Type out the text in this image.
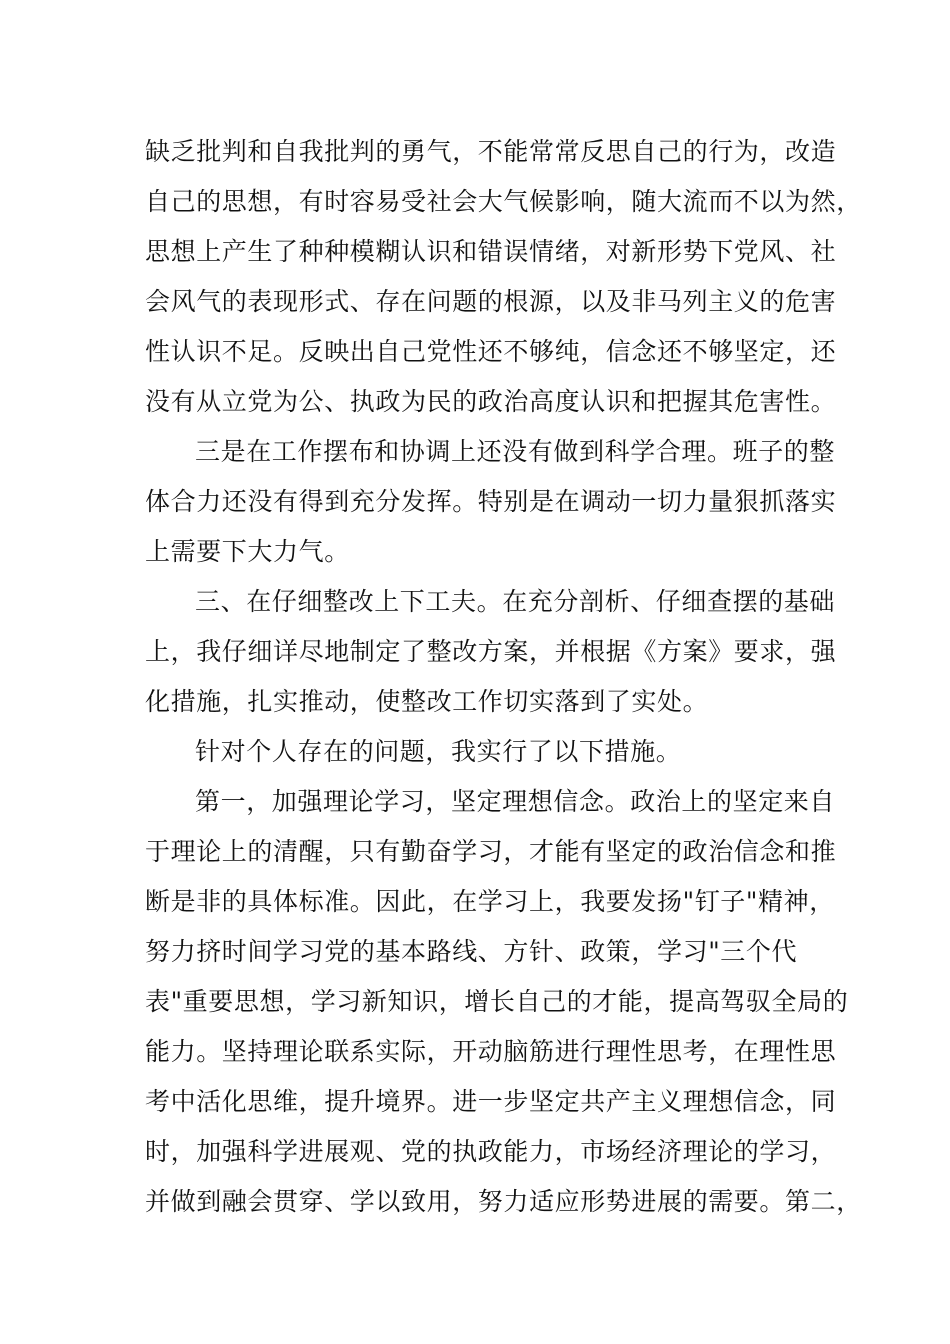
缺乏批判和自我批判的勇气，不能常常反思自己的行为，改造
自己的思想，有时容易受社会大气候影响，随大流而不以为然，
思想上产生了种种模糊认识和错误情绪，对新形势下党风、社
会风气的表现形式、存在问题的根源，以及非马列主义的危害
性认识不足。反映出自己党性还不够纯，信念还不够坚定，还
没有从立党为公、执政为民的政治高度认识和把握其危害性。
三是在工作摆布和协调上还没有做到科学合理。班子的整
体合力还没有得到充分发挥。特别是在调动一切力量狠抓落实
上需要下大力气。
三、在仔细整改上下工夫。在充分剖析、仔细查摆的基础
上，我仔细详尽地制定了整改方案，并根据《方案》要求，强
化措施，扎实推动，使整改工作切实落到了实处。
针对个人存在的问题，我实行了以下措施。
第一，加强理论学习，坚定理想信念。政治上的坚定来自
于理论上的清醒，只有勤奋学习，才能有坚定的政治信念和推
断是非的具体标准。因此，在学习上，我要发扬"钉子"精神，
努力挤时间学习党的基本路线、方针、政策，学习"三个代
表"重要思想，学习新知识，增长自己的才能，提高驾驭全局的
能力。坚持理论联系实际，开动脑筋进行理性思考，在理性思
考中活化思维，提升境界。进一步坚定共产主义理想信念，同
时，加强科学进展观、党的执政能力，市场经济理论的学习，
并做到融会贯穿、学以致用，努力适应形势进展的需要。第二，
